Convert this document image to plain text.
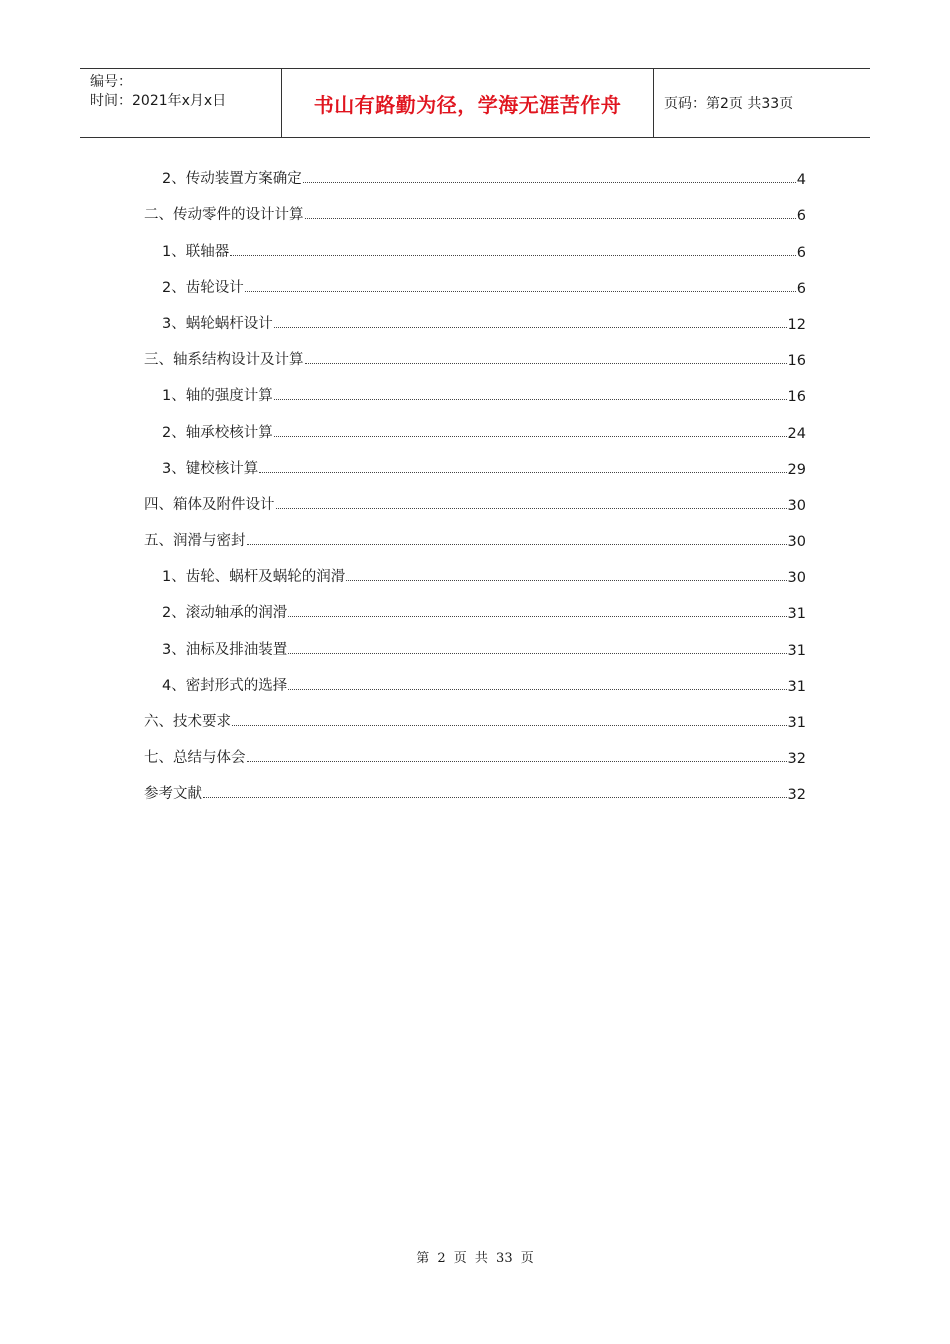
编号：
时间：2021年x月x日	书山有路勤为径，学海无涯苦作舟	页码：第2页 共33页
2、传动装置方案确定	4
二、传动零件的设计计算	6
1、联轴器	6
2、齿轮设计	6
3、蜗轮蜗杆设计	12
三、轴系结构设计及计算	16
1、轴的强度计算	16
2、轴承校核计算	24
3、键校核计算	29
四、箱体及附件设计	30
五、润滑与密封	30
1、齿轮、蜗杆及蜗轮的润滑	30
2、滚动轴承的润滑	31
3、油标及排油装置	31
4、密封形式的选择	31
六、技术要求	31
七、总结与体会	32
参考文献	32
第 2 页 共 33 页
